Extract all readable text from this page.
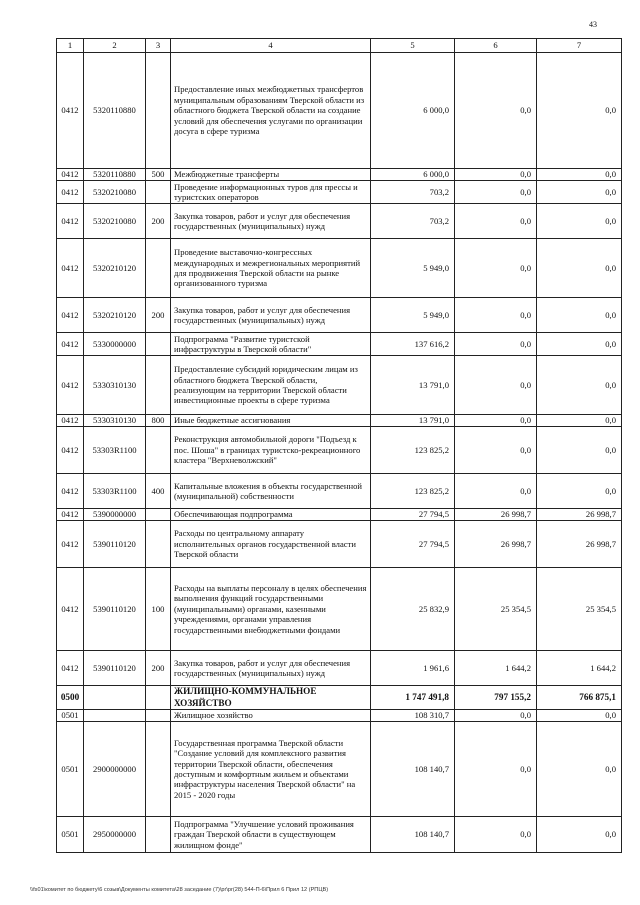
43
1	2	3	4	5	6	7
0412	5320110880		Предоставление иных межбюджетных трансфертов муниципальным образованиям Тверской области из областного бюджета Тверской области на создание условий для обеспечения услугами по организации досуга в сфере туризма	6 000,0	0,0	0,0
0412	5320110880	500	Межбюджетные трансферты	6 000,0	0,0	0,0
0412	5320210080		Проведение информационных туров для прессы и туристских операторов	703,2	0,0	0,0
0412	5320210080	200	Закупка товаров, работ и услуг для обеспечения государственных (муниципальных) нужд	703,2	0,0	0,0
0412	5320210120		Проведение выставочно-конгрессных международных и межрегиональных мероприятий для продвижения Тверской области на рынке организованного туризма	5 949,0	0,0	0,0
0412	5320210120	200	Закупка товаров, работ и услуг для обеспечения государственных (муниципальных) нужд	5 949,0	0,0	0,0
0412	5330000000		Подпрограмма "Развитие туристской инфраструктуры в Тверской области"	137 616,2	0,0	0,0
0412	5330310130		Предоставление субсидий юридическим лицам из областного бюджета Тверской области, реализующим на территории Тверской области инвестиционные проекты в сфере туризма	13 791,0	0,0	0,0
0412	5330310130	800	Иные бюджетные ассигнования	13 791,0	0,0	0,0
0412	53303R1100		Реконструкция автомобильной дороги "Подъезд к пос. Шоша" в границах туристско-рекреационного кластера "Верхневолжский"	123 825,2	0,0	0,0
0412	53303R1100	400	Капитальные вложения в объекты государственной (муниципальной) собственности	123 825,2	0,0	0,0
0412	5390000000		Обеспечивающая подпрограмма	27 794,5	26 998,7	26 998,7
0412	5390110120		Расходы по центральному аппарату исполнительных органов государственной власти Тверской области	27 794,5	26 998,7	26 998,7
0412	5390110120	100	Расходы на выплаты персоналу в целях обеспечения выполнения функций государственными (муниципальными) органами, казенными учреждениями, органами управления государственными внебюджетными фондами	25 832,9	25 354,5	25 354,5
0412	5390110120	200	Закупка товаров, работ и услуг для обеспечения государственных (муниципальных) нужд	1 961,6	1 644,2	1 644,2
0500			ЖИЛИЩНО-КОММУНАЛЬНОЕ ХОЗЯЙСТВО	1 747 491,8	797 155,2	766 875,1
0501			Жилищное хозяйство	108 310,7	0,0	0,0
0501	2900000000		Государственная программа Тверской области "Создание условий для комплексного развития территории Тверской области, обеспечения доступным и комфортным жильем и объектами инфраструктуры населения Тверской области" на 2015 - 2020 годы	108 140,7	0,0	0,0
0501	2950000000		Подпрограмма "Улучшение условий проживания граждан Тверской области в существующем жилищном фонде"	108 140,7	0,0	0,0
\\fs01\комитет по бюджету\6 созыв\Документы комитета\28 заседание (7)\pr\pr(28) 544-П-6\Прил 6 Прил 12 (РПЦВ)
